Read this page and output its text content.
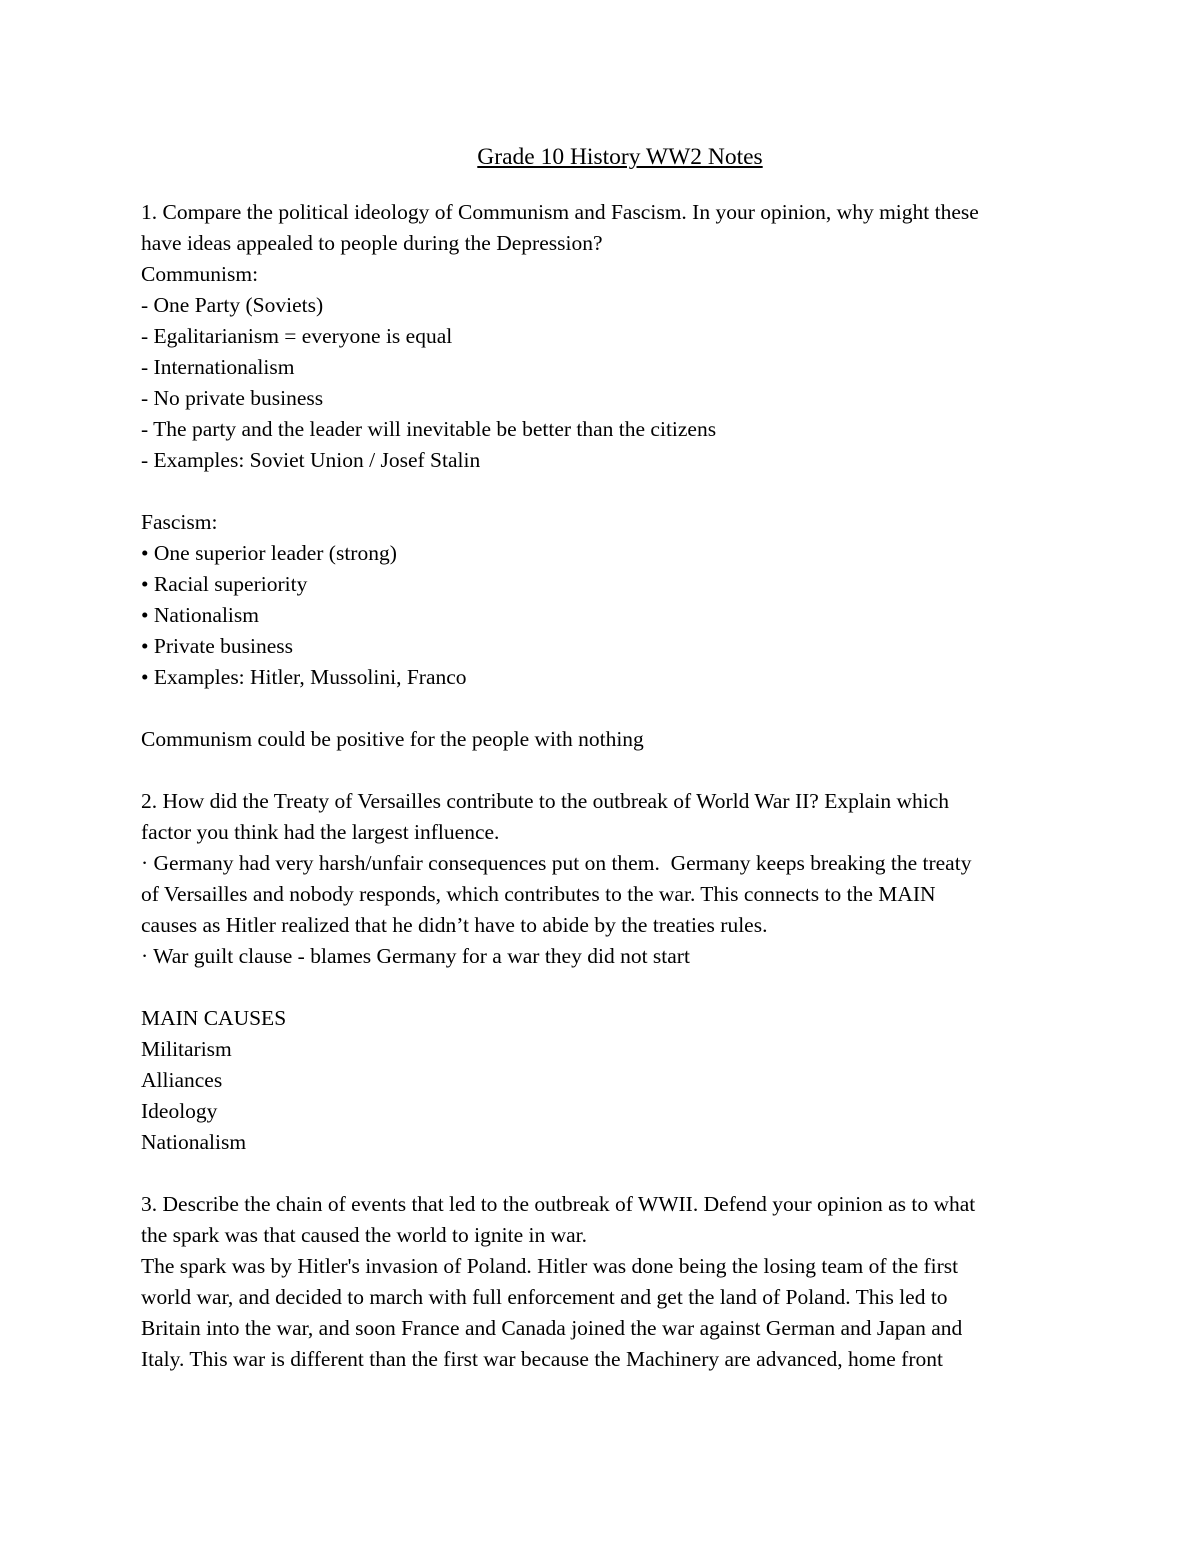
Grade 10 History WW2 Notes

1. Compare the political ideology of Communism and Fascism. In your opinion, why might these

have ideas appealed to people during the Depression?

Communism:

- One Party (Soviets)

- Egalitarianism = everyone is equal

- Internationalism

- No private business

- The party and the leader will inevitable be better than the citizens

- Examples: Soviet Union / Josef Stalin

Fascism:

• One superior leader (strong)

• Racial superiority

• Nationalism

• Private business

• Examples: Hitler, Mussolini, Franco

Communism could be positive for the people with nothing

2. How did the Treaty of Versailles contribute to the outbreak of World War II? Explain which

factor you think had the largest influence.

· Germany had very harsh/unfair consequences put on them.  Germany keeps breaking the treaty

of Versailles and nobody responds, which contributes to the war. This connects to the MAIN

causes as Hitler realized that he didn’t have to abide by the treaties rules.

· War guilt clause - blames Germany for a war they did not start

MAIN CAUSES

Militarism

Alliances

Ideology

Nationalism

3. Describe the chain of events that led to the outbreak of WWII. Defend your opinion as to what

the spark was that caused the world to ignite in war.

The spark was by Hitler's invasion of Poland. Hitler was done being the losing team of the first

world war, and decided to march with full enforcement and get the land of Poland. This led to

Britain into the war, and soon France and Canada joined the war against German and Japan and

Italy. This war is different than the first war because the Machinery are advanced, home front
